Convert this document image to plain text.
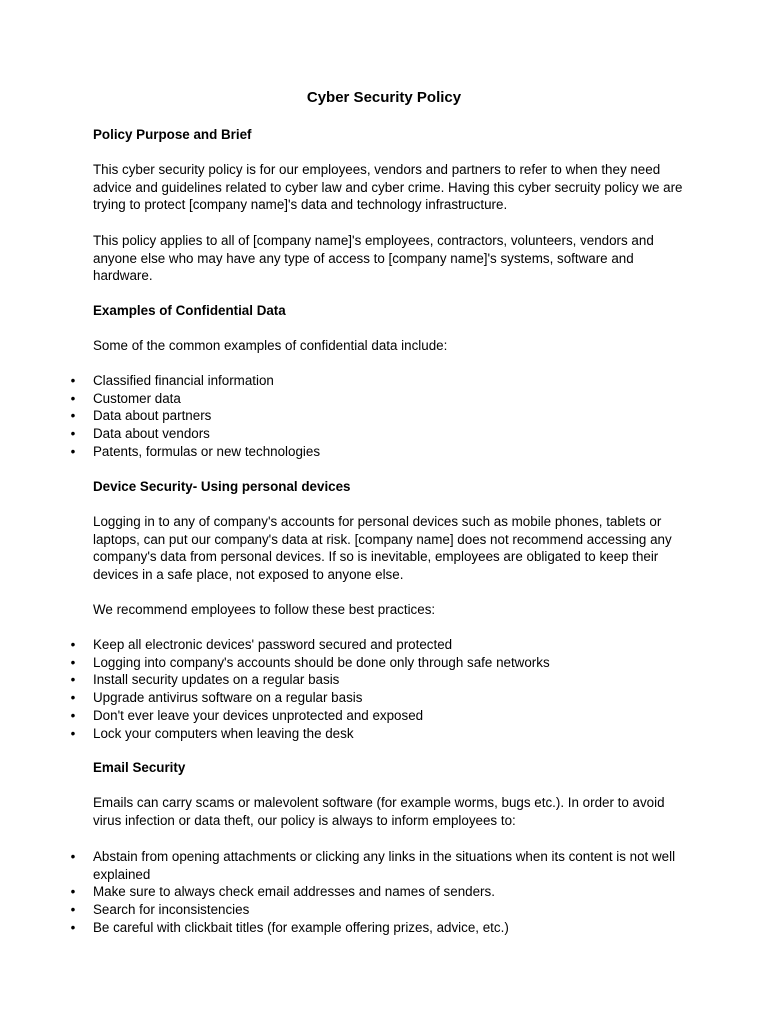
Cyber Security Policy
Policy Purpose and Brief

This cyber security policy is for our employees, vendors and partners to refer to when they need advice and guidelines related to cyber law and cyber crime. Having this cyber secruity policy we are trying to protect [company name]'s data and technology infrastructure.

This policy applies to all of [company name]'s employees, contractors, volunteers, vendors and anyone else who may have any type of access to [company name]'s systems, software and hardware.

Examples of Confidential Data

Some of the common examples of confidential data include:

• Classified financial information
• Customer data
• Data about partners
• Data about vendors
• Patents, formulas or new technologies
Device Security- Using personal devices

Logging in to any of company's accounts for personal devices such as mobile phones, tablets or laptops, can put our company's data at risk. [company name] does not recommend accessing any company's data from personal devices. If so is inevitable, employees are obligated to keep their devices in a safe place, not exposed to anyone else.

We recommend employees to follow these best practices:

• Keep all electronic devices' password secured and protected
• Logging into company's accounts should be done only through safe networks
• Install security updates on a regular basis
• Upgrade antivirus software on a regular basis
• Don't ever leave your devices unprotected and exposed
• Lock your computers when leaving the desk
Email Security

Emails can carry scams or malevolent software (for example worms, bugs etc.). In order to avoid virus infection or data theft, our policy is always to inform employees to:

• Abstain from opening attachments or clicking any links in the situations when its content is not well explained
• Make sure to always check email addresses and names of senders.
• Search for inconsistencies
• Be careful with clickbait titles (for example offering prizes, advice, etc.)
